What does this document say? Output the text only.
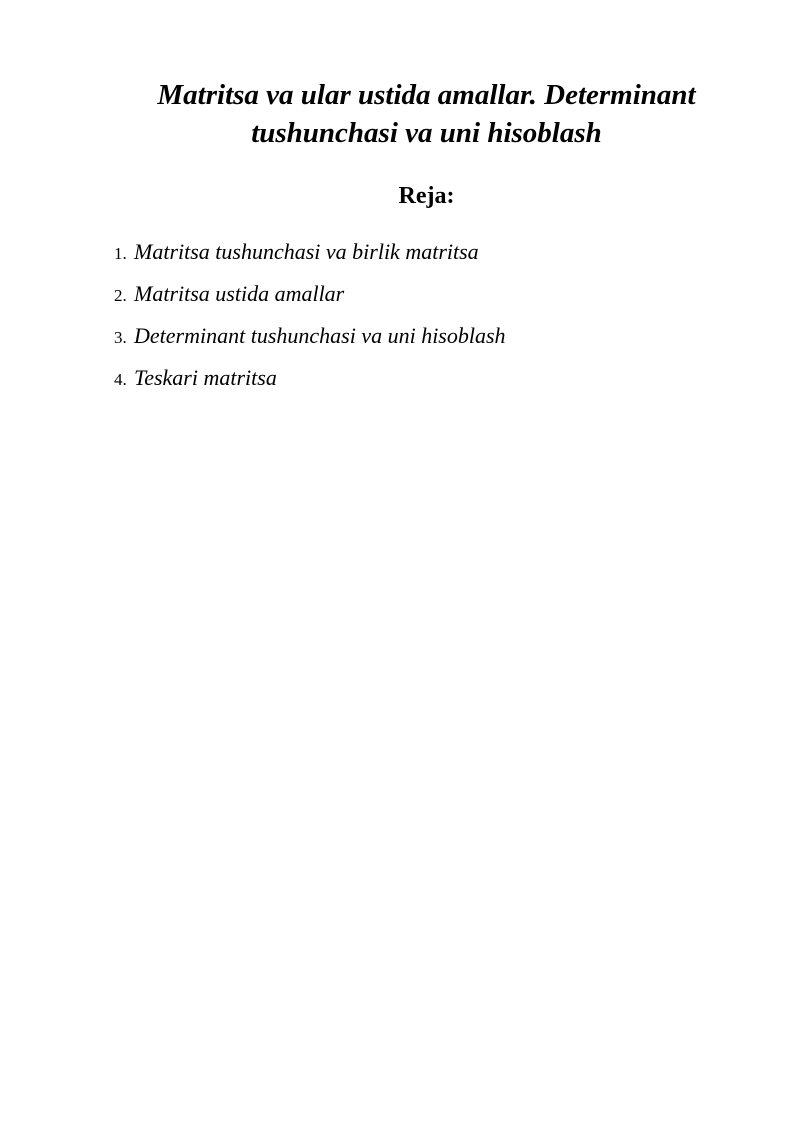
Matritsa va ular ustida amallar. Determinant
tushunchasi va uni hisoblash
Reja:
1. Matritsa tushunchasi va birlik matritsa
2. Matritsa ustida amallar
3. Determinant tushunchasi va uni hisoblash
4. Teskari matritsa
